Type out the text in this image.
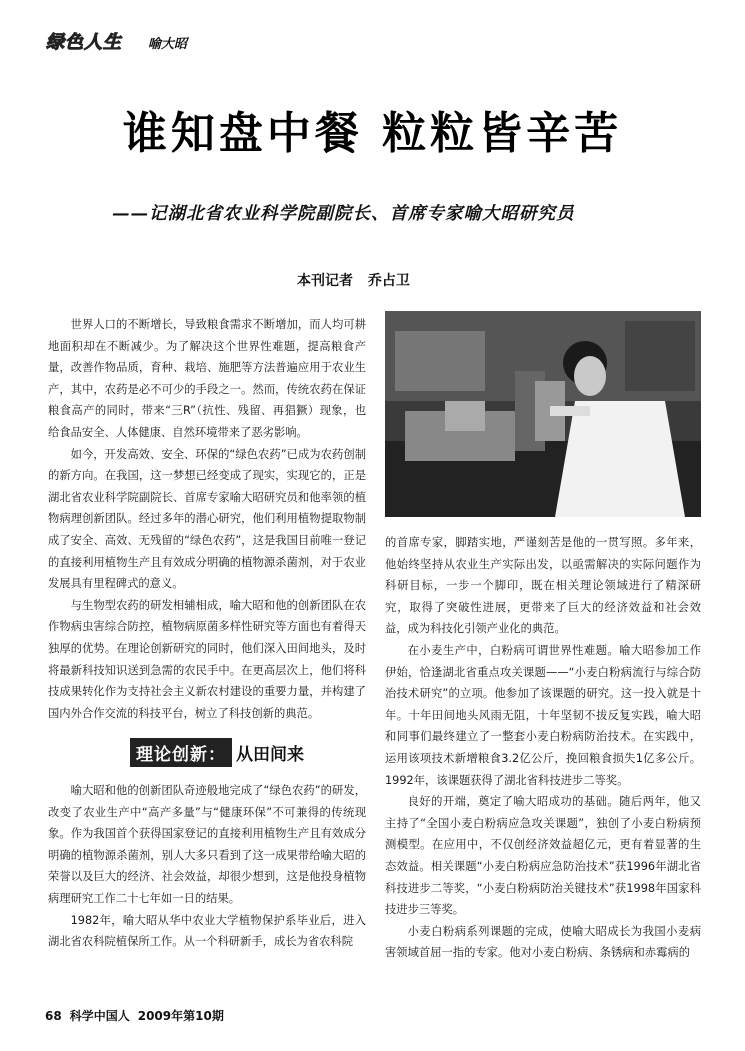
绿色人生 喻大昭
谁知盘中餐 粒粒皆辛苦
——记湖北省农业科学院副院长、首席专家喻大昭研究员
本刊记者 乔占卫

世界人口的不断增长，导致粮食需求不断增加，而人均可耕地面积却在不断减少。为了解决这个世界性难题，提高粮食产量，改善作物品质，育种、栽培、施肥等方法普遍应用于农业生产，其中，农药是必不可少的手段之一。然而，传统农药在保证粮食高产的同时，带来“三R”（抗性、残留、再猖獗）现象，也给食品安全、人体健康、自然环境带来了恶劣影响。

如今，开发高效、安全、环保的“绿色农药”已成为农药创制的新方向。在我国，这一梦想已经变成了现实，实现它的，正是湖北省农业科学院副院长、首席专家喻大昭研究员和他率领的植物病理创新团队。经过多年的潜心研究，他们利用植物提取物制成了安全、高效、无残留的“绿色农药”，这是我国目前唯一登记的直接利用植物生产且有效成分明确的植物源杀菌剂，对于农业发展具有里程碑式的意义。

与生物型农药的研发相辅相成，喻大昭和他的创新团队在农作物病虫害综合防控，植物病原菌多样性研究等方面也有着得天独厚的优势。在理论创新研究的同时，他们深入田间地头，及时将最新科技知识送到急需的农民手中。在更高层次上，他们将科技成果转化作为支持社会主义新农村建设的重要力量，并构建了国内外合作交流的科技平台，树立了科技创新的典范。

理论创新： 从田间来

喻大昭和他的创新团队奇迹般地完成了“绿色农药”的研发，改变了农业生产中“高产多量”与“健康环保”不可兼得的传统现象。作为我国首个获得国家登记的直接利用植物生产且有效成分明确的植物源杀菌剂，别人大多只看到了这一成果带给喻大昭的荣誉以及巨大的经济、社会效益，却很少想到，这是他投身植物病理研究工作二十七年如一日的结果。

1982年，喻大昭从华中农业大学植物保护系毕业后，进入湖北省农科院植保所工作。从一个科研新手，成长为省农科院

的首席专家，脚踏实地，严谨刻苦是他的一贯写照。多年来，他始终坚持从农业生产实际出发，以亟需解决的实际问题作为科研目标，一步一个脚印，既在相关理论领域进行了精深研究，取得了突破性进展，更带来了巨大的经济效益和社会效益，成为科技化引领产业化的典范。

在小麦生产中，白粉病可谓世界性难题。喻大昭参加工作伊始，恰逢湖北省重点攻关课题——“小麦白粉病流行与综合防治技术研究”的立项。他参加了该课题的研究。这一投入就是十年。十年田间地头风雨无阻，十年坚韧不拔反复实践，喻大昭和同事们最终建立了一整套小麦白粉病防治技术。在实践中，运用该项技术新增粮食3.2亿公斤，挽回粮食损失1亿多公斤。1992年，该课题获得了湖北省科技进步二等奖。

良好的开端，奠定了喻大昭成功的基础。随后两年，他又主持了“全国小麦白粉病应急攻关课题”，独创了小麦白粉病预测模型。在应用中，不仅创经济效益超亿元，更有着显著的生态效益。相关课题“小麦白粉病应急防治技术”获1996年湖北省科技进步二等奖，“小麦白粉病防治关键技术”获1998年国家科技进步三等奖。

小麦白粉病系列课题的完成，使喻大昭成长为我国小麦病害领域首屈一指的专家。他对小麦白粉病、条锈病和赤霉病的

68 科学中国人 2009年第10期
